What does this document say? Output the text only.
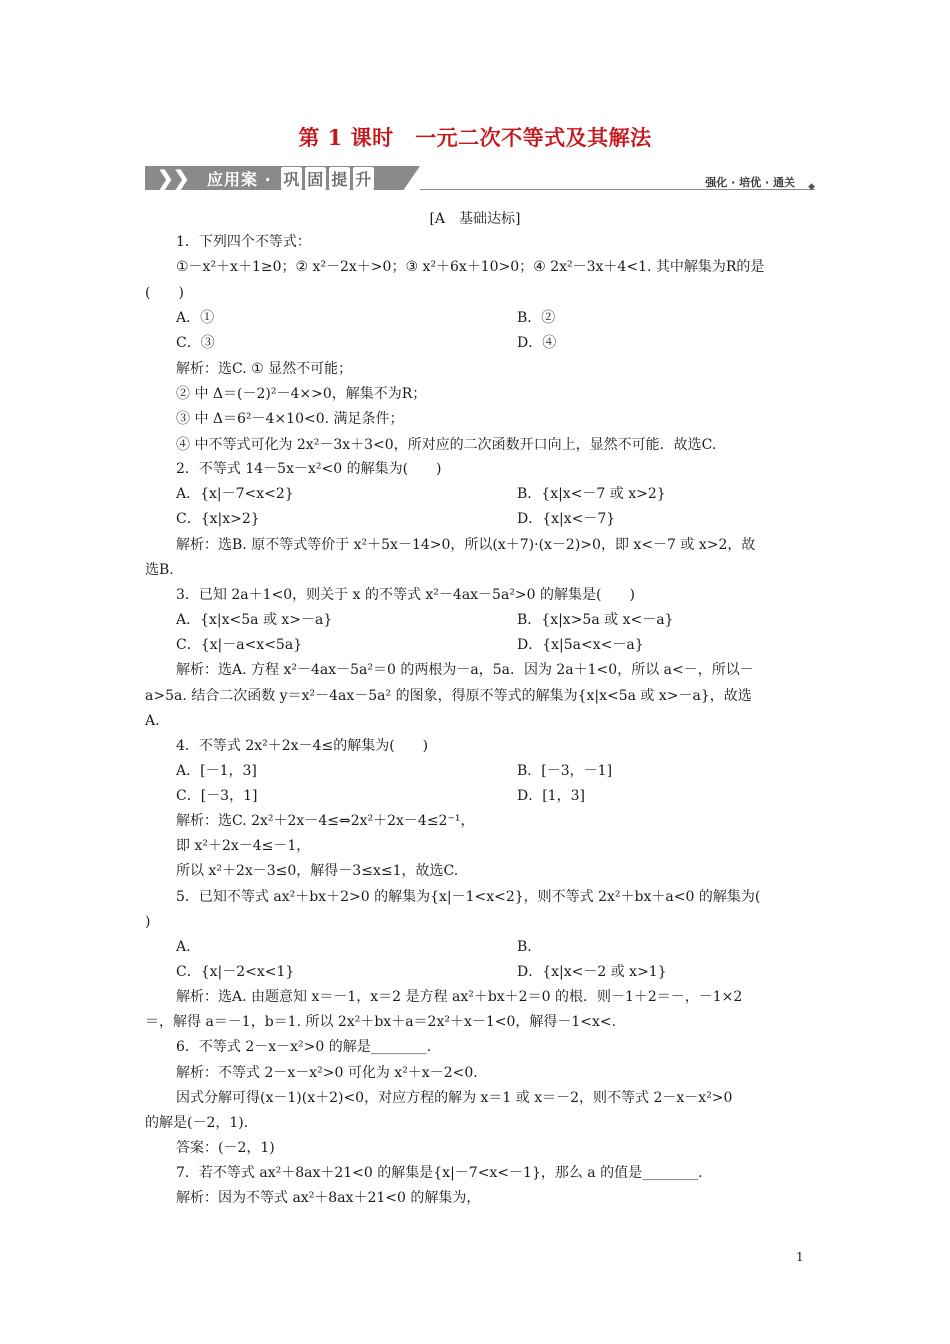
第 1 课时　一元二次不等式及其解法
❯ ❯ 应用案 · 巩 固 提 升	强化 · 培优 · 通关 ◆
[A　基础达标]
1．下列四个不等式：
①－x²＋x＋1≥0；② x²－2x＋>0；③ x²＋6x＋10>0；④ 2x²－3x＋4<1. 其中解集为R的是
(　　)
A．①	B．②
C．③	D．④
解析：选C. ① 显然不可能；
② 中 Δ＝(－2)²－4×>0，解集不为R；
③ 中 Δ＝6²－4×10<0. 满足条件；
④ 中不等式可化为 2x²－3x＋3<0，所对应的二次函数开口向上，显然不可能．故选C.
2．不等式 14－5x－x²<0 的解集为(　　)
A．{x|－7<x<2}	B．{x|x<－7 或 x>2}
C．{x|x>2}	D．{x|x<－7}
解析：选B. 原不等式等价于 x²＋5x－14>0，所以(x＋7)·(x－2)>0，即 x<－7 或 x>2，故
选B.
3．已知 2a＋1<0，则关于 x 的不等式 x²－4ax－5a²>0 的解集是(　　)
A．{x|x<5a 或 x>－a}	B．{x|x>5a 或 x<－a}
C．{x|－a<x<5a}	D．{x|5a<x<－a}
解析：选A. 方程 x²－4ax－5a²＝0 的两根为－a，5a．因为 2a＋1<0，所以 a<－，所以－
a>5a. 结合二次函数 y＝x²－4ax－5a² 的图象，得原不等式的解集为{x|x<5a 或 x>－a}，故选
A.
4．不等式 2x²＋2x－4≤的解集为(　　)
A．[－1，3]	B．[－3，－1]
C．[－3，1]	D．[1，3]
解析：选C. 2x²＋2x－4≤⇔2x²＋2x－4≤2⁻¹，
即 x²＋2x－4≤－1，
所以 x²＋2x－3≤0，解得－3≤x≤1，故选C.
5．已知不等式 ax²＋bx＋2>0 的解集为{x|－1<x<2}，则不等式 2x²＋bx＋a<0 的解集为(
)
A.	B.
C．{x|－2<x<1}	D．{x|x<－2 或 x>1}
解析：选A. 由题意知 x＝－1，x＝2 是方程 ax²＋bx＋2＝0 的根．则－1＋2＝－，－1×2
＝，解得 a＝－1，b＝1. 所以 2x²＋bx＋a＝2x²＋x－1<0，解得－1<x<.
6．不等式 2－x－x²>0 的解是________.
解析：不等式 2－x－x²>0 可化为 x²＋x－2<0.
因式分解可得(x－1)(x＋2)<0，对应方程的解为 x＝1 或 x＝－2，则不等式 2－x－x²>0
的解是(－2，1).
答案：(－2，1)
7．若不等式 ax²＋8ax＋21<0 的解集是{x|－7<x<－1}，那么 a 的值是________.
解析：因为不等式 ax²＋8ax＋21<0 的解集为，
1
